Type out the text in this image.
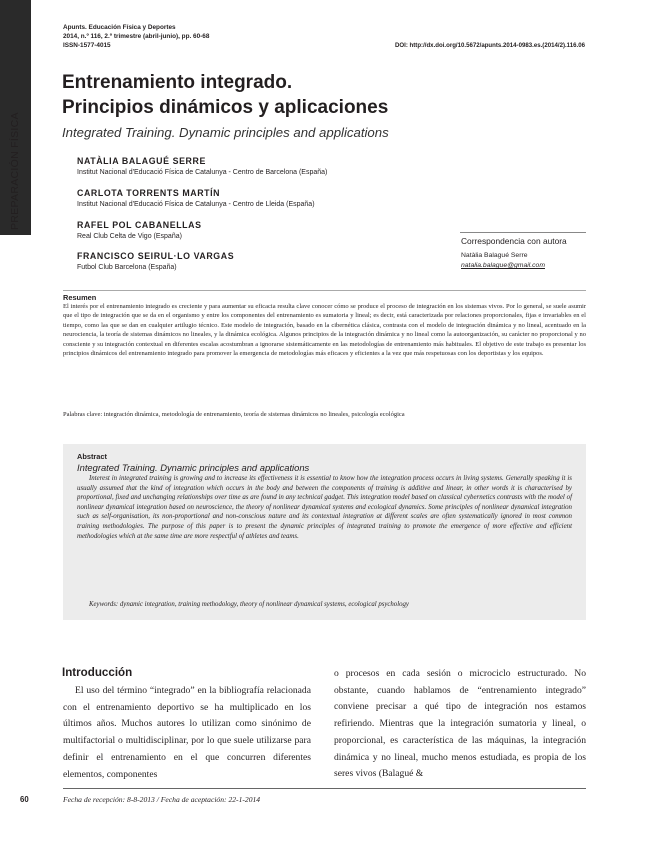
PREPARACIÓN FÍSICA
Apunts. Educación Física y Deportes
2014, n.º 116, 2.º trimestre (abril-junio), pp. 60-68
ISSN-1577-4015	DOI: http://dx.doi.org/10.5672/apunts.2014-0983.es.(2014/2).116.06
Entrenamiento integrado.
Principios dinámicos y aplicaciones
Integrated Training. Dynamic principles and applications
NATÀLIA BALAGUÉ SERRE
Institut Nacional d'Educació Física de Catalunya - Centro de Barcelona (España)
CARLOTA TORRENTS MARTÍN
Institut Nacional d'Educació Física de Catalunya - Centro de Lleida (España)
RAFEL POL CABANELLAS
Real Club Celta de Vigo (España)
FRANCISCO SEIRUL·LO VARGAS
Futbol Club Barcelona (España)
Correspondencia con autora
Natàlia Balagué Serre
natalia.balague@gmail.com
Resumen
El interés por el entrenamiento integrado es creciente y para aumentar su eficacia resulta clave conocer cómo se produce el proceso de integración en los sistemas vivos. Por lo general, se suele asumir que el tipo de integración que se da en el organismo y entre los componentes del entrenamiento es sumatoria y lineal; es decir, está caracterizada por relaciones proporcionales, fijas e invariables en el tiempo, como las que se dan en cualquier artilugio técnico. Este modelo de integración, basado en la cibernética clásica, contrasta con el modelo de integración dinámica y no lineal, acentuado en la neurociencia, la teoría de sistemas dinámicos no lineales, y la dinámica ecológica. Algunos principios de la integración dinámica y no lineal como la autoorganización, su carácter no proporcional y no consciente y su integración contextual en diferentes escalas acostumbran a ignorarse sistemáticamente en las metodologías de entrenamiento más habituales. El objetivo de este trabajo es presentar los principios dinámicos del entrenamiento integrado para promover la emergencia de metodologías más eficaces y eficientes a la vez que más respetuosas con los deportistas y los equipos.
Palabras clave: integración dinámica, metodología de entrenamiento, teoría de sistemas dinámicos no lineales, psicología ecológica
Abstract
Integrated Training. Dynamic principles and applications
Interest in integrated training is growing and to increase its effectiveness it is essential to know how the integration process occurs in living systems. Generally speaking it is usually assumed that the kind of integration which occurs in the body and between the components of training is additive and linear, in other words it is characterised by proportional, fixed and unchanging relationships over time as are found in any technical gadget. This integration model based on classical cybernetics contrasts with the model of nonlinear dynamical integration based on neuroscience, the theory of nonlinear dynamical systems and ecological dynamics. Some principles of nonlinear dynamical integration such as self-organisation, its non-proportional and non-conscious nature and its contextual integration at different scales are often systematically ignored in most common training methodologies. The purpose of this paper is to present the dynamic principles of integrated training to promote the emergence of more effective and efficient methodologies which at the same time are more respectful of athletes and teams.
Keywords: dynamic integration, training methodology, theory of nonlinear dynamical systems, ecological psychology
Introducción
El uso del término “integrado” en la bibliografía relacionada con el entrenamiento deportivo se ha multiplicado en los últimos años. Muchos autores lo utilizan como sinónimo de multifactorial o multidisciplinar, por lo que suele utilizarse para definir el entrenamiento en el que concurren diferentes elementos, componentes
o procesos en cada sesión o microciclo estructurado. No obstante, cuando hablamos de “entrenamiento integrado” conviene precisar a qué tipo de integración nos estamos refiriendo. Mientras que la integración sumatoria y lineal, o proporcional, es característica de las máquinas, la integración dinámica y no lineal, mucho menos estudiada, es propia de los seres vivos (Balagué &
60	Fecha de recepción: 8-8-2013 / Fecha de aceptación: 22-1-2014
